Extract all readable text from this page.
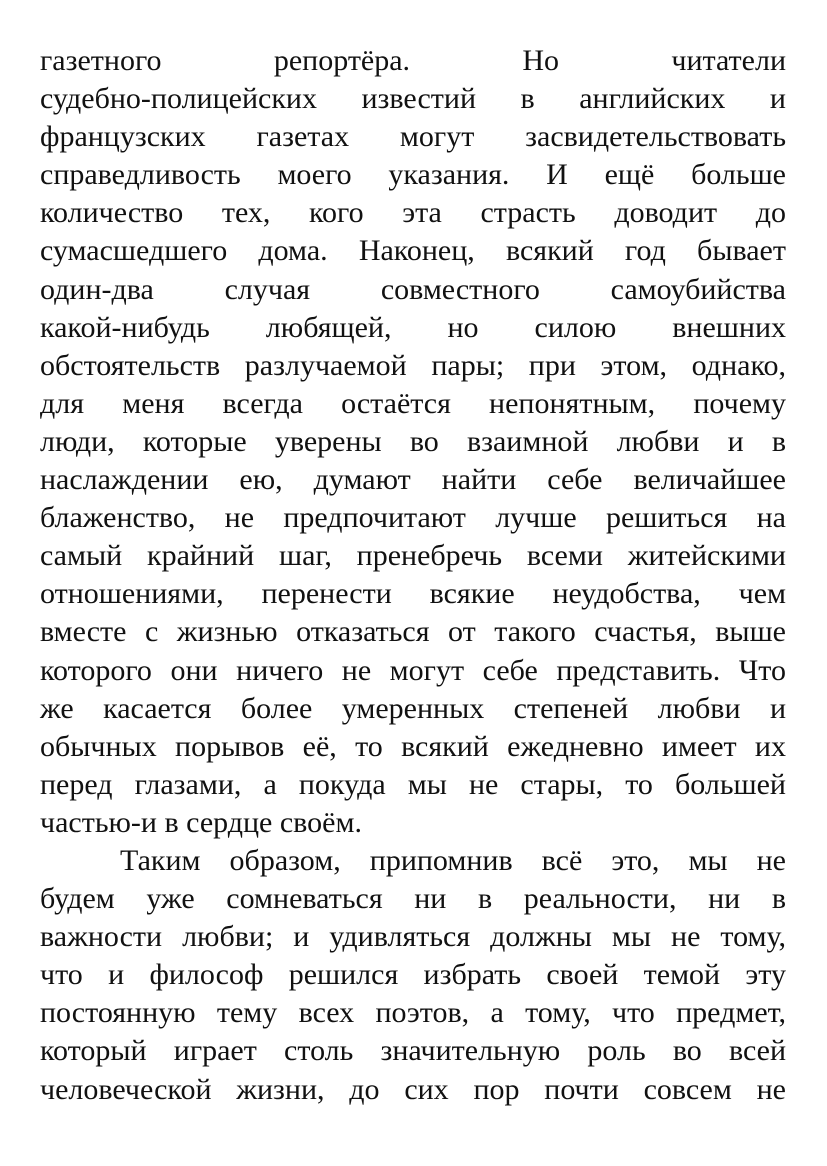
газетного репортёра. Но читатели
судебно-полицейских известий в английских и
французских газетах могут засвидетельствовать
справедливость моего указания. И ещё больше
количество тех, кого эта страсть доводит до
сумасшедшего дома. Наконец, всякий год бывает
один-два случая совместного самоубийства
какой-нибудь любящей, но силою внешних
обстоятельств разлучаемой пары; при этом, однако,
для меня всегда остаётся непонятным, почему
люди, которые уверены во взаимной любви и в
наслаждении ею, думают найти себе величайшее
блаженство, не предпочитают лучше решиться на
самый крайний шаг, пренебречь всеми житейскими
отношениями, перенести всякие неудобства, чем
вместе с жизнью отказаться от такого счастья, выше
которого они ничего не могут себе представить. Что
же касается более умеренных степеней любви и
обычных порывов её, то всякий ежедневно имеет их
перед глазами, а покуда мы не стары, то большей
частью-и в сердце своём.
Таким образом, припомнив всё это, мы не
будем уже сомневаться ни в реальности, ни в
важности любви; и удивляться должны мы не тому,
что и философ решился избрать своей темой эту
постоянную тему всех поэтов, а тому, что предмет,
который играет столь значительную роль во всей
человеческой жизни, до сих пор почти совсем не
